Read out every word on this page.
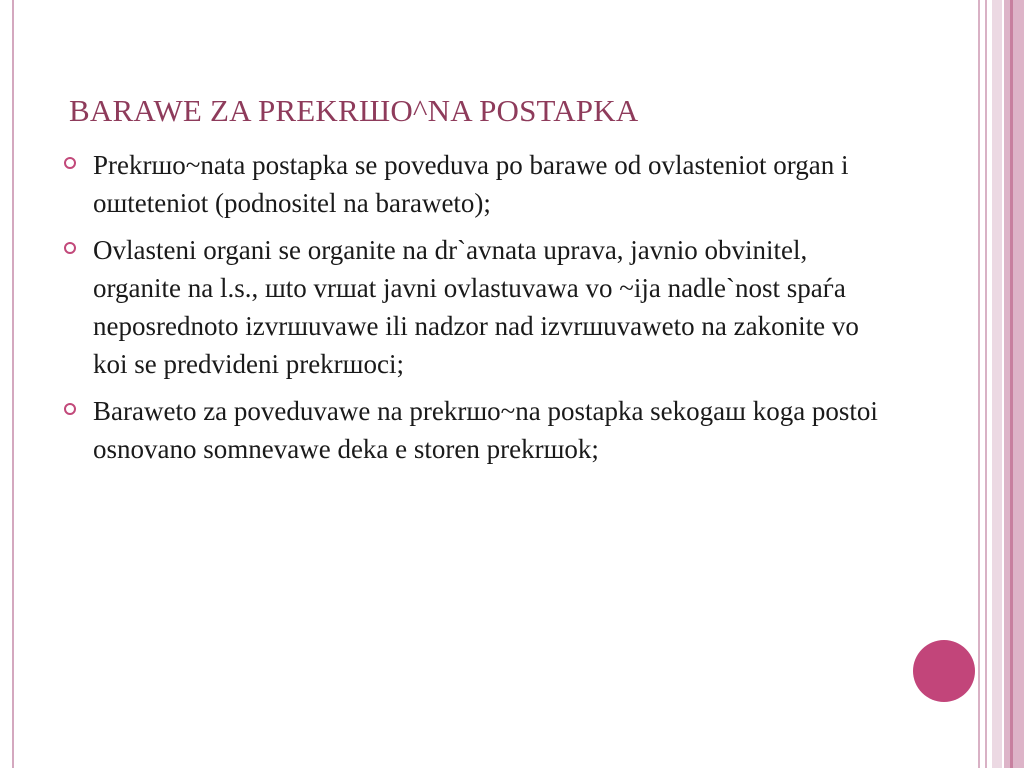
BARAWE ZA PREKRШO^NA POSTAPKA
Prekrшo~nata postapka se poveduva po barawe od ovlasteniot organ i oшteteniot (podnositel na baraweto);
Ovlasteni organi se organite na dr`avnata uprava, javnio obvinitel, organite na l.s., шto vrшat javni ovlastuvawa vo ~ija nadle`nost spaѓa neposrednoto izvrшuvawe ili nadzor nad izvrшuvaweto na zakonite vo koi se predvideni prekrшoci;
Baraweto za poveduvawe na prekrшo~na postapka sekogaш koga postoi osnovano somnevawe deka e storen prekrшok;
